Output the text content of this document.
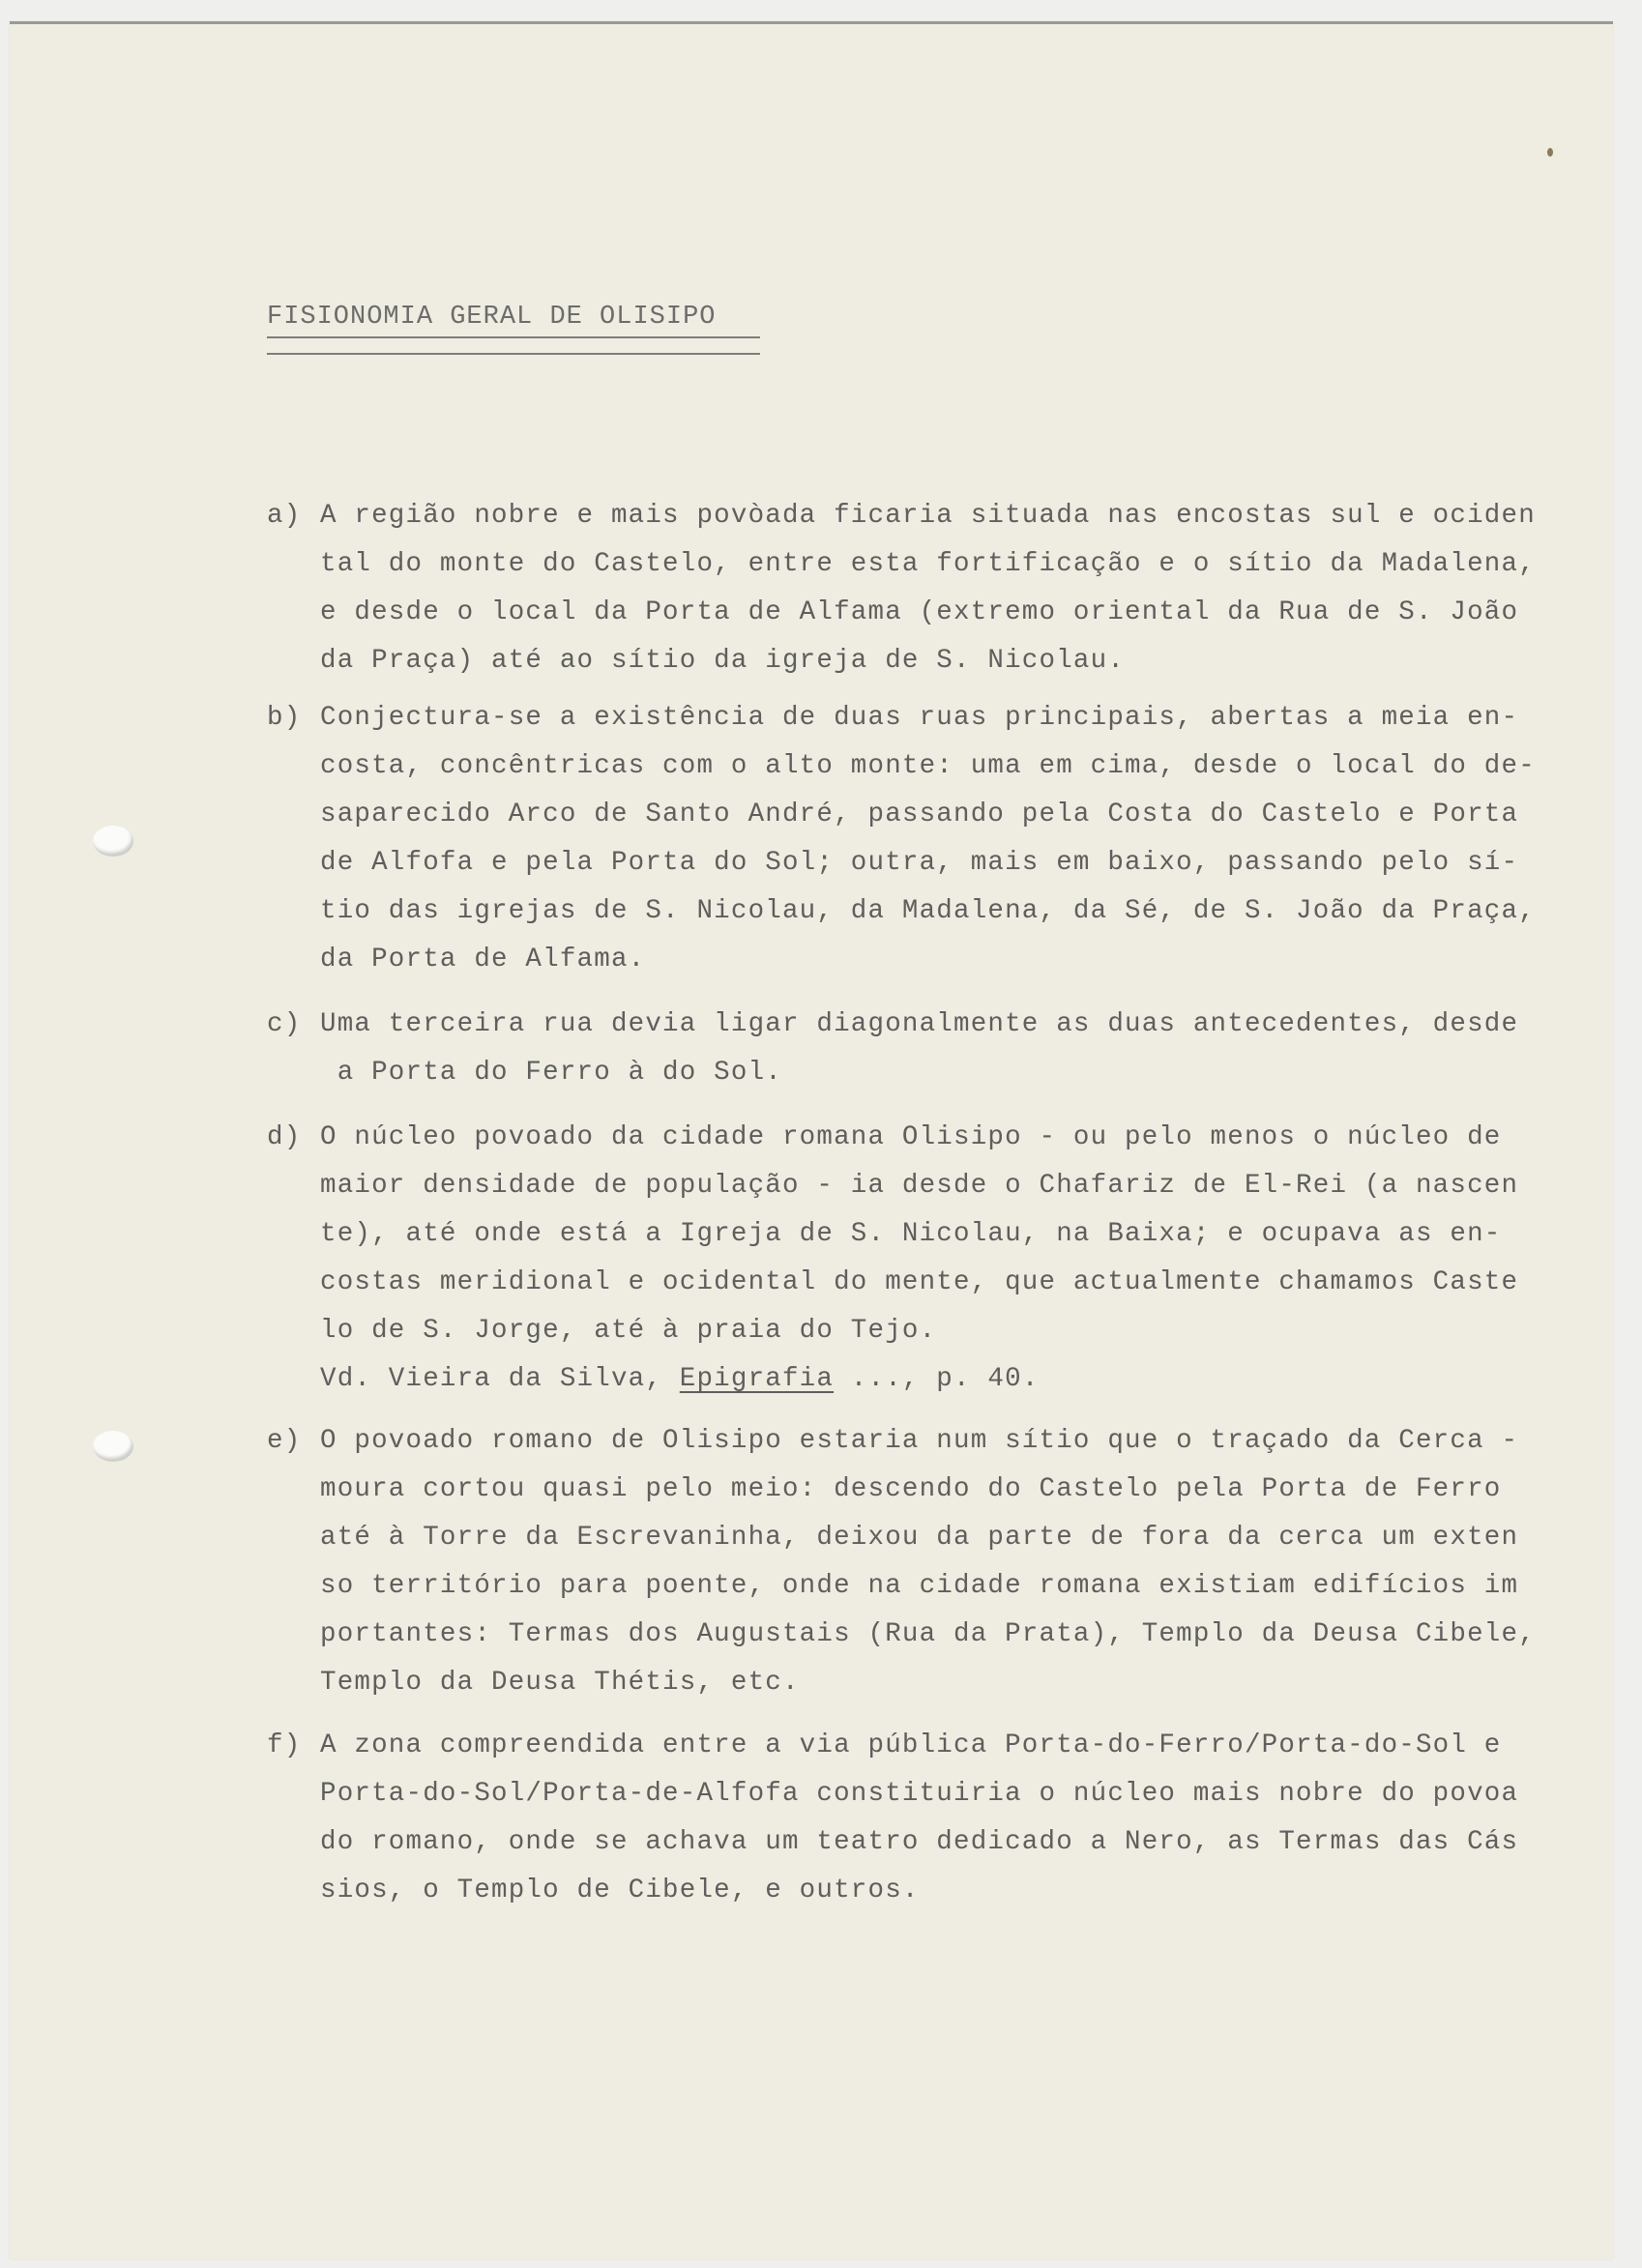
FISIONOMIA GERAL DE OLISIPO
a) A região nobre e mais povòada ficaria situada nas encostas sul e ociden
tal do monte do Castelo, entre esta fortificação e o sítio da Madalena,
e desde o local da Porta de Alfama (extremo oriental da Rua de S. João
da Praça) até ao sítio da igreja de S. Nicolau.
b) Conjectura-se a existência de duas ruas principais, abertas a meia en-
costa, concêntricas com o alto monte: uma em cima, desde o local do de-
saparecido Arco de Santo André, passando pela Costa do Castelo e Porta
de Alfofa e pela Porta do Sol; outra, mais em baixo, passando pelo sí-
tio das igrejas de S. Nicolau, da Madalena, da Sé, de S. João da Praça,
da Porta de Alfama.
c) Uma terceira rua devia ligar diagonalmente as duas antecedentes, desde
a Porta do Ferro à do Sol.
d) O núcleo povoado da cidade romana Olisipo - ou pelo menos o núcleo de
maior densidade de população - ia desde o Chafariz de El-Rei (a nascen
te), até onde está a Igreja de S. Nicolau, na Baixa; e ocupava as en-
costas meridional e ocidental do mente, que actualmente chamamos Caste
lo de S. Jorge, até à praia do Tejo.
Vd. Vieira da Silva, Epigrafia ..., p. 40.
e) O povoado romano de Olisipo estaria num sítio que o traçado da Cerca -
moura cortou quasi pelo meio: descendo do Castelo pela Porta de Ferro
até à Torre da Escrevaninha, deixou da parte de fora da cerca um exten
so território para poente, onde na cidade romana existiam edifícios im
portantes: Termas dos Augustais (Rua da Prata), Templo da Deusa Cibele,
Templo da Deusa Thétis, etc.
f) A zona compreendida entre a via pública Porta-do-Ferro/Porta-do-Sol e
Porta-do-Sol/Porta-de-Alfofa constituiria o núcleo mais nobre do povoa
do romano, onde se achava um teatro dedicado a Nero, as Termas das Cás
sios, o Templo de Cibele, e outros.
